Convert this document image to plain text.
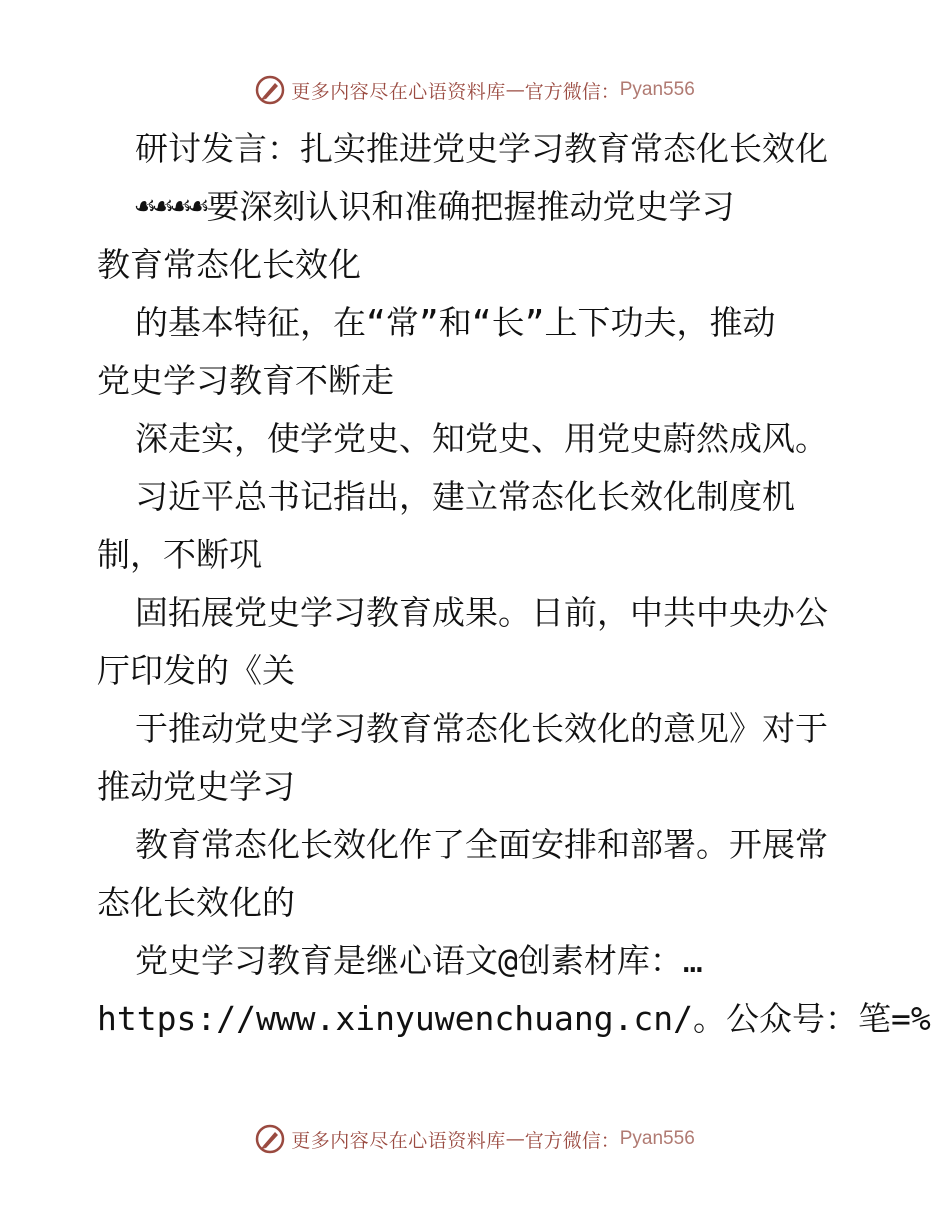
更多内容尽在心语资料库 — 官方微信： Pyan556
研讨发言：扎实推进党史学习教育常态化长效化
☙☙☙☙要深刻认识和准确把握推动党史学习
教育常态化长效化
的基本特征，在“常”和“长”上下功夫，推动
党史学习教育不断走
深走实，使学党史、知党史、用党史蔚然成风。
习近平总书记指出，建立常态化长效化制度机
制，不断巩
固拓展党史学习教育成果。日前，中共中央办公
厅印发的《关
于推动党史学习教育常态化长效化的意见》对于
推动党史学习
教育常态化长效化作了全面安排和部署。开展常
态化长效化的
党史学习教育是继心语文@创素材库：…
https://www.xinyuwenchuang.cn/。公众号：笔=%
更多内容尽在心语资料库 — 官方微信： Pyan556
